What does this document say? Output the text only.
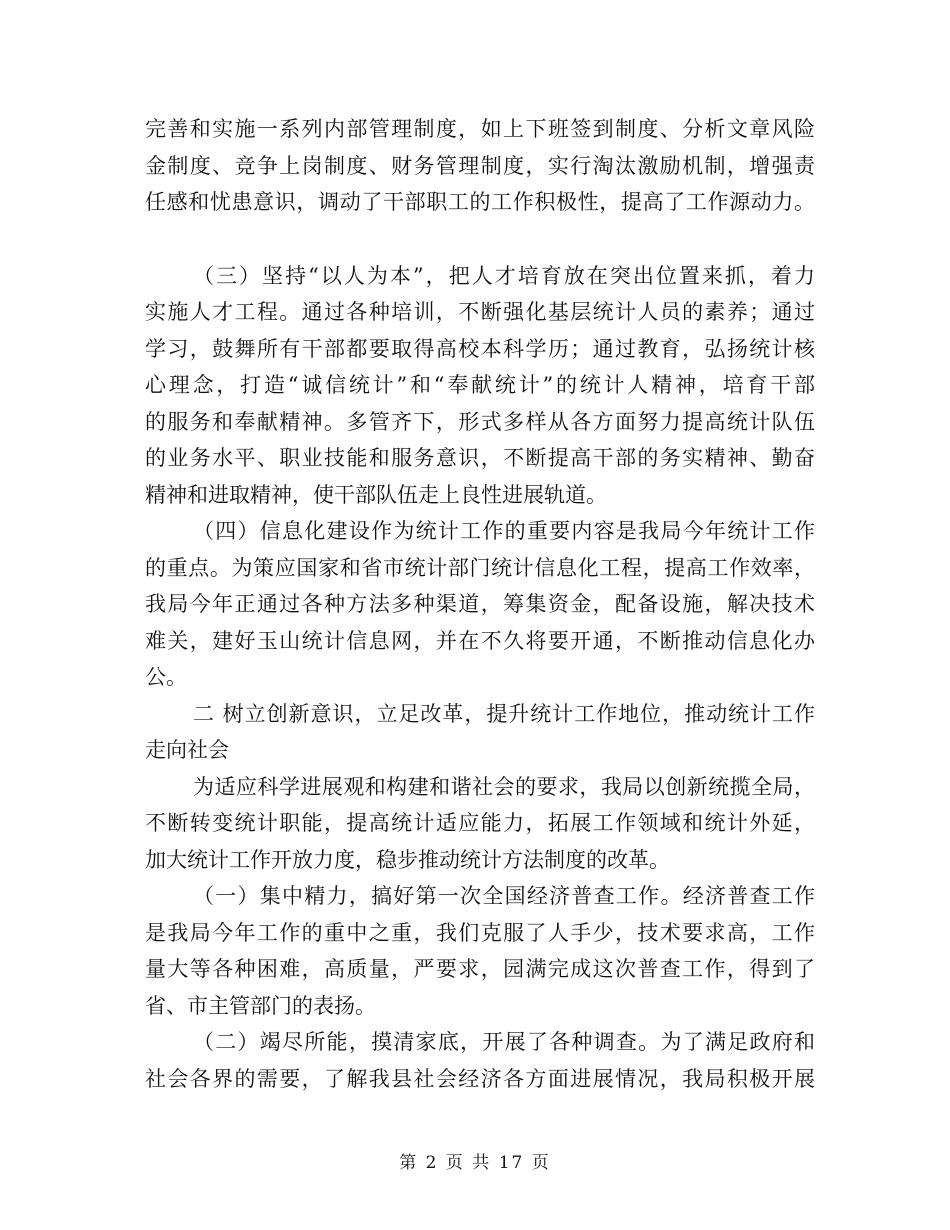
完善和实施一系列内部管理制度，如上下班签到制度、分析文章风险
金制度、竞争上岗制度、财务管理制度，实行淘汰激励机制，增强责
任感和忧患意识，调动了干部职工的工作积极性，提高了工作源动力。
（三）坚持“以人为本”，把人才培育放在突出位置来抓，着力
实施人才工程。通过各种培训，不断强化基层统计人员的素养；通过
学习，鼓舞所有干部都要取得高校本科学历；通过教育，弘扬统计核
心理念，打造“诚信统计”和“奉献统计”的统计人精神，培育干部
的服务和奉献精神。多管齐下，形式多样从各方面努力提高统计队伍
的业务水平、职业技能和服务意识，不断提高干部的务实精神、勤奋
精神和进取精神，使干部队伍走上良性进展轨道。
（四）信息化建设作为统计工作的重要内容是我局今年统计工作
的重点。为策应国家和省市统计部门统计信息化工程，提高工作效率，
我局今年正通过各种方法多种渠道，筹集资金，配备设施，解决技术
难关，建好玉山统计信息网，并在不久将要开通，不断推动信息化办
公。
二 树立创新意识，立足改革，提升统计工作地位，推动统计工作
走向社会
为适应科学进展观和构建和谐社会的要求，我局以创新统揽全局，
不断转变统计职能，提高统计适应能力，拓展工作领域和统计外延，
加大统计工作开放力度，稳步推动统计方法制度的改革。
（一）集中精力，搞好第一次全国经济普查工作。经济普查工作
是我局今年工作的重中之重，我们克服了人手少，技术要求高，工作
量大等各种困难，高质量，严要求，园满完成这次普查工作，得到了
省、市主管部门的表扬。
（二）竭尽所能，摸清家底，开展了各种调查。为了满足政府和
社会各界的需要，了解我县社会经济各方面进展情况，我局积极开展
第 2 页 共 17 页
